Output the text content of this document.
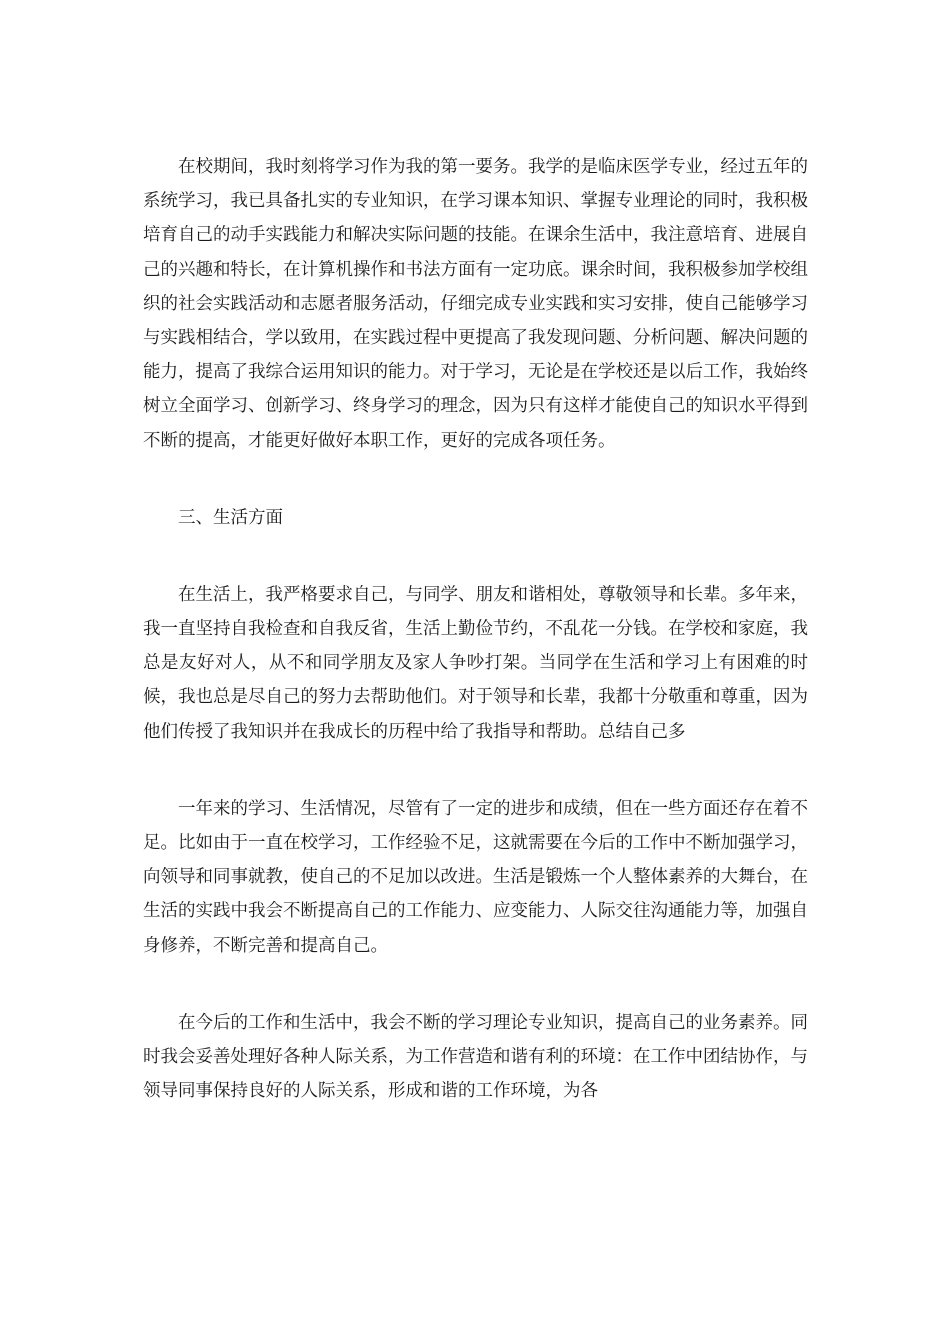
在校期间，我时刻将学习作为我的第一要务。我学的是临床医学专业，经过五年的系统学习，我已具备扎实的专业知识，在学习课本知识、掌握专业理论的同时，我积极培育自己的动手实践能力和解决实际问题的技能。在课余生活中，我注意培育、进展自己的兴趣和特长，在计算机操作和书法方面有一定功底。课余时间，我积极参加学校组织的社会实践活动和志愿者服务活动，仔细完成专业实践和实习安排，使自己能够学习与实践相结合，学以致用，在实践过程中更提高了我发现问题、分析问题、解决问题的能力，提高了我综合运用知识的能力。对于学习，无论是在学校还是以后工作，我始终树立全面学习、创新学习、终身学习的理念，因为只有这样才能使自己的知识水平得到不断的提高，才能更好做好本职工作，更好的完成各项任务。

三、生活方面

在生活上，我严格要求自己，与同学、朋友和谐相处，尊敬领导和长辈。多年来，我一直坚持自我检查和自我反省，生活上勤俭节约，不乱花一分钱。在学校和家庭，我总是友好对人，从不和同学朋友及家人争吵打架。当同学在生活和学习上有困难的时候，我也总是尽自己的努力去帮助他们。对于领导和长辈，我都十分敬重和尊重，因为他们传授了我知识并在我成长的历程中给了我指导和帮助。总结自己多

一年来的学习、生活情况，尽管有了一定的进步和成绩，但在一些方面还存在着不足。比如由于一直在校学习，工作经验不足，这就需要在今后的工作中不断加强学习，向领导和同事就教，使自己的不足加以改进。生活是锻炼一个人整体素养的大舞台，在生活的实践中我会不断提高自己的工作能力、应变能力、人际交往沟通能力等，加强自身修养，不断完善和提高自己。

在今后的工作和生活中，我会不断的学习理论专业知识，提高自己的业务素养。同时我会妥善处理好各种人际关系，为工作营造和谐有利的环境：在工作中团结协作，与领导同事保持良好的人际关系，形成和谐的工作环境，为各
